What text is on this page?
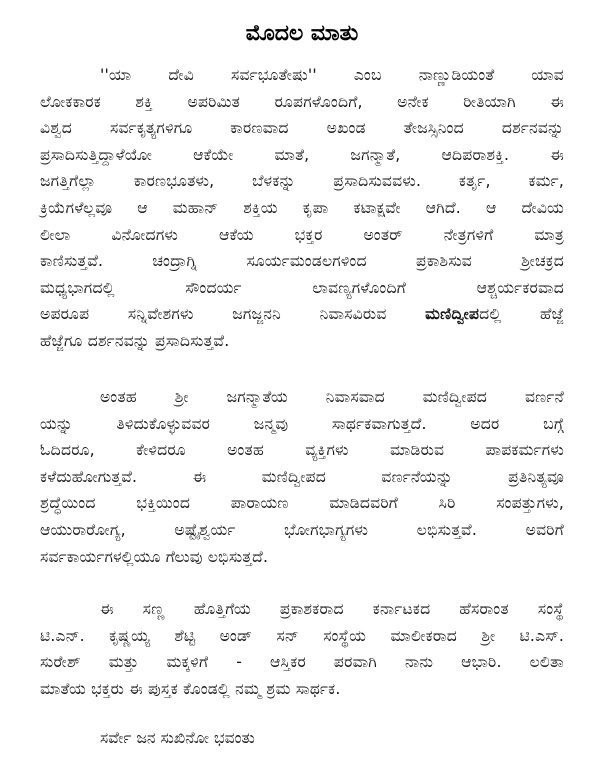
ಮೊದಲ ಮಾತು
''ಯಾ ದೇವಿ ಸರ್ವಭೂತೇಷು'' ಎಂಬ ನಾಣ್ಣುಡಿಯಂತೆ ಯಾವ
ಲೋಕಕಾರಕ ಶಕ್ತಿ ಅಪರಿಮಿತ ರೂಪಗಳೊಂದಿಗೆ, ಅನೇಕ ರೀತಿಯಾಗಿ ಈ
ವಿಶ್ವದ ಸರ್ವಕೃತ್ಯಗಳಿಗೂ ಕಾರಣವಾದ ಅಖಂಡ ತೇಜಸ್ಸಿನಿಂದ ದರ್ಶನವನ್ನು
ಪ್ರಸಾದಿಸುತ್ತಿದ್ದಾಳೆಯೋ ಆಕೆಯೇ ಮಾತೆ, ಜಗನ್ಮಾತೆ, ಆದಿಪರಾಶಕ್ತಿ. ಈ
ಜಗತ್ತಿಗೆಲ್ಲಾ ಕಾರಣಭೂತಳು, ಬೆಳಕನ್ನು ಪ್ರಸಾದಿಸುವವಳು. ಕರ್ತೃ, ಕರ್ಮ,
ಕ್ರಿಯೆಗಳೆಲ್ಲವೂ ಆ ಮಹಾನ್ ಶಕ್ತಿಯ ಕೃಪಾ ಕಟಾಕ್ಷವೇ ಆಗಿದೆ. ಆ ದೇವಿಯ
ಲೀಲಾ ವಿನೋದಗಳು ಆಕೆಯ ಭಕ್ತರ ಅಂತರ್ ನೇತ್ರಗಳಿಗೆ ಮಾತ್ರ
ಕಾಣಿಸುತ್ತವೆ. ಚಂದ್ರಾಗ್ನಿ ಸೂರ್ಯಮಂಡಲಗಳಿಂದ ಪ್ರಕಾಶಿಸುವ ಶ್ರೀಚಕ್ರದ
ಮಧ್ಯಭಾಗದಲ್ಲಿ ಸೌಂದರ್ಯ ಲಾವಣ್ಯಗಳೊಂದಿಗೆ ಆಶ್ಚರ್ಯಕರವಾದ
ಅಪರೂಪ ಸನ್ನಿವೇಶಗಳು ಜಗಜ್ಜನನಿ ನಿವಾಸವಿರುವ ಮಣಿದ್ವೀಪದಲ್ಲಿ ಹೆಜ್ಜೆ
ಹೆಜ್ಜೆಗೂ ದರ್ಶನವನ್ನು ಪ್ರಸಾದಿಸುತ್ತವೆ.
ಅಂತಹ ಶ್ರೀ ಜಗನ್ಮಾತೆಯ ನಿವಾಸವಾದ ಮಣಿದ್ವೀಪದ ವರ್ಣನೆ
ಯನ್ನು ತಿಳಿದುಕೊಳ್ಳುವವರ ಜನ್ಮವು ಸಾರ್ಥಕವಾಗುತ್ತದೆ. ಅದರ ಬಗ್ಗೆ
ಓದಿದರೂ, ಕೇಳಿದರೂ ಅಂತಹ ವ್ಯಕ್ತಿಗಳು ಮಾಡಿರುವ ಪಾಪಕರ್ಮಗಳು
ಕಳೆದುಹೋಗುತ್ತವೆ. ಈ ಮಣಿದ್ವೀಪದ ವರ್ಣನೆಯನ್ನು ಪ್ರತಿನಿತ್ಯವೂ
ಶ್ರದ್ಧೆಯಿಂದ ಭಕ್ತಿಯಿಂದ ಪಾರಾಯಣ ಮಾಡಿದವರಿಗೆ ಸಿರಿ ಸಂಪತ್ತುಗಳು,
ಆಯುರಾರೋಗ್ಯ, ಅಷ್ಟೈಶ್ವರ್ಯ ಭೋಗಭಾಗ್ಯಗಳು ಲಭಿಸುತ್ತವೆ. ಅವರಿಗೆ
ಸರ್ವಕಾರ್ಯಗಳಲ್ಲಿಯೂ ಗೆಲುವು ಲಭಿಸುತ್ತದೆ.
ಈ ಸಣ್ಣ ಹೊತ್ತಿಗೆಯ ಪ್ರಕಾಶಕರಾದ ಕರ್ನಾಟಕದ ಹೆಸರಾಂತ ಸಂಸ್ಥೆ
ಟಿ.ಎನ್. ಕೃಷ್ಣಯ್ಯ ಶೆಟ್ಟಿ ಅಂಡ್ ಸನ್ ಸಂಸ್ಥೆಯ ಮಾಲೀಕರಾದ ಶ್ರೀ ಟಿ.ಎಸ್.
ಸುರೇಶ್ ಮತ್ತು ಮಕ್ಕಳಿಗೆ - ಆಸ್ತಿಕರ ಪರವಾಗಿ ನಾನು ಆಭಾರಿ. ಲಲಿತಾ
ಮಾತೆಯ ಭಕ್ತರು ಈ ಪುಸ್ತಕ ಕೊಂಡಲ್ಲಿ ನಮ್ಮ ಶ್ರಮ ಸಾರ್ಥಕ.
ಸರ್ವೇ ಜನ ಸುಖಿನೋ ಭವಂತು
